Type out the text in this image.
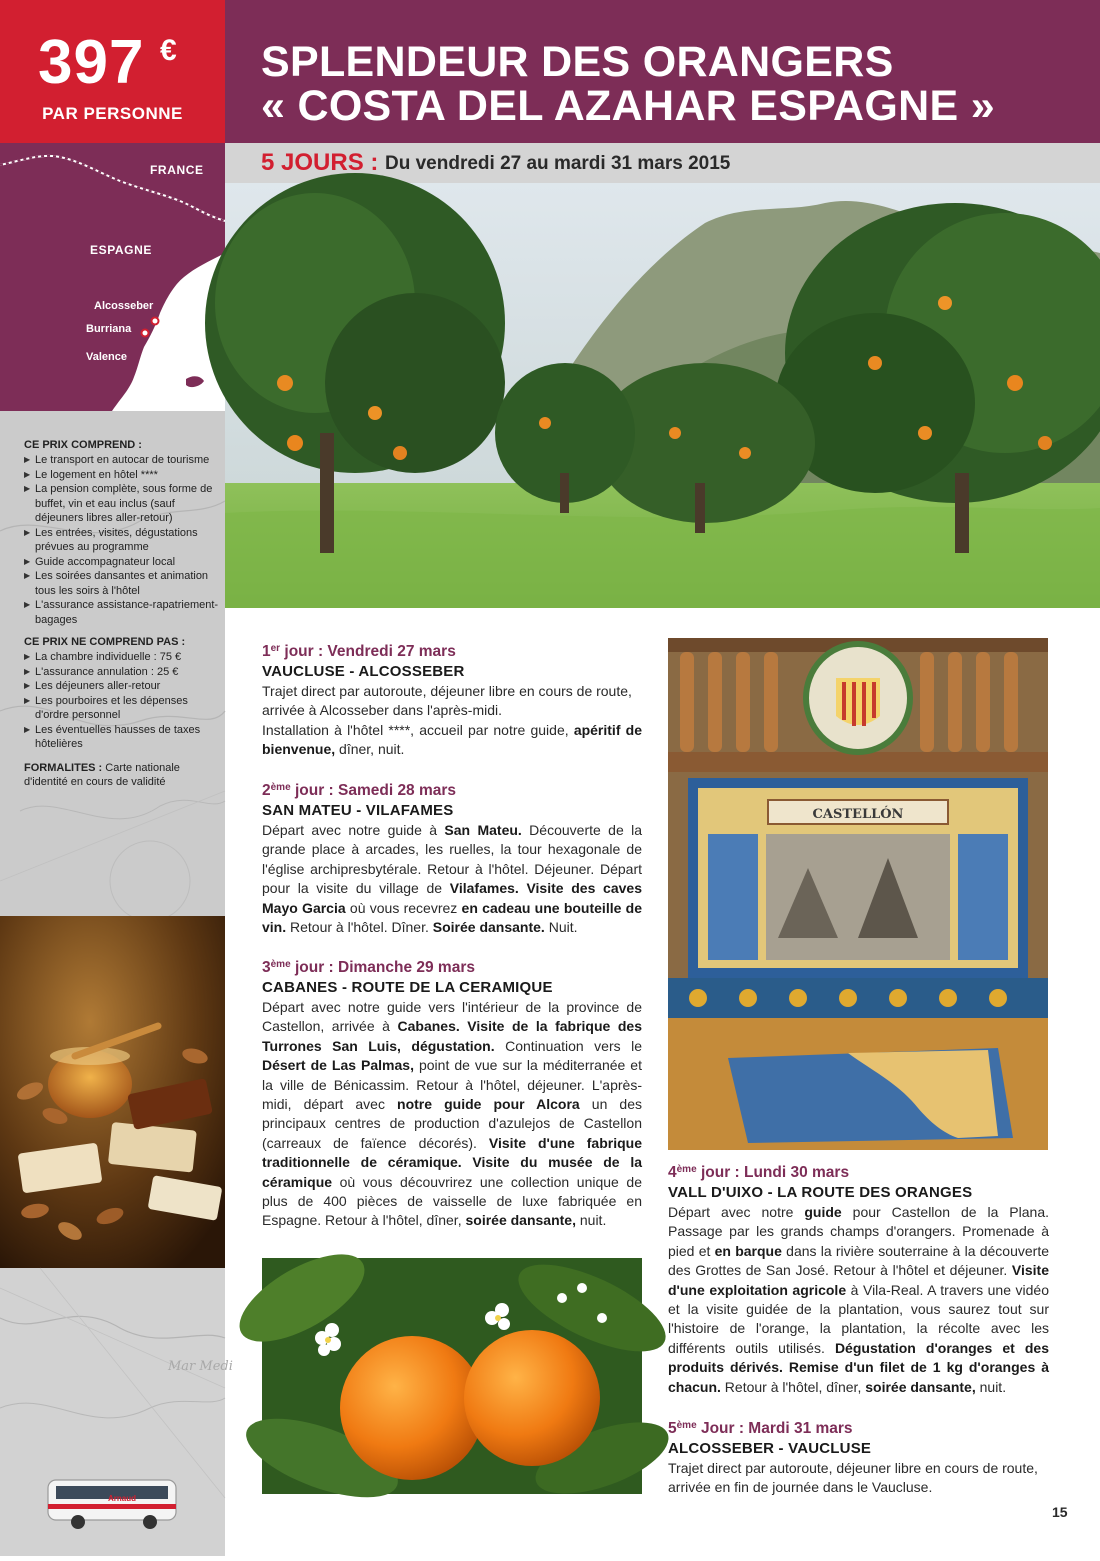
397 €
PAR PERSONNE
FRANCE
ESPAGNE
Alcosseber
Burriana
Valence
CE PRIX COMPREND :
▶ Le transport en autocar de tourisme
▶ Le logement en hôtel ****
▶ La pension complète, sous forme de buffet, vin et eau inclus (sauf déjeuners libres aller-retour)
▶ Les entrées, visites, dégustations prévues au programme
▶ Guide accompagnateur local
▶ Les soirées dansantes et animation tous les soirs à l'hôtel
▶ L'assurance assistance-rapatriement-bagages
CE PRIX NE COMPREND PAS :
▶ La chambre individuelle : 75 €
▶ L'assurance annulation : 25 €
▶ Les déjeuners aller-retour
▶ Les pourboires et les dépenses d'ordre personnel
▶ Les éventuelles hausses de taxes hôtelières
FORMALITES : Carte nationale d'identité en cours de validité
Mar Medi
Arnaud
SPLENDEUR DES ORANGERS
« COSTA DEL AZAHAR ESPAGNE »
5 JOURS : Du vendredi 27 au mardi 31 mars 2015
1er jour : Vendredi 27 mars
VAUCLUSE - ALCOSSEBER

Trajet direct par autoroute, déjeuner libre en cours de route, arrivée à Alcosseber dans l'après-midi.

Installation à l'hôtel ****, accueil par notre guide, apéritif de bienvenue, dîner, nuit.

2ème jour : Samedi 28 mars
SAN MATEU - VILAFAMES

Départ avec notre guide à San Mateu. Découverte de la grande place à arcades, les ruelles, la tour hexagonale de l'église archipresbytérale. Retour à l'hôtel. Déjeuner. Départ pour la visite du village de Vilafames. Visite des caves Mayo Garcia où vous recevrez en cadeau une bouteille de vin. Retour à l'hôtel. Dîner. Soirée dansante. Nuit.

3ème jour : Dimanche 29 mars
CABANES - ROUTE DE LA CERAMIQUE

Départ avec notre guide vers l'intérieur de la province de Castellon, arrivée à Cabanes. Visite de la fabrique des Turrones San Luis, dégustation. Continuation vers le Désert de Las Palmas, point de vue sur la méditerranée et la ville de Bénicassim. Retour à l'hôtel, déjeuner. L'après-midi, départ avec notre guide pour Alcora un des principaux centres de production d'azulejos de Castellon (carreaux de faïence décorés). Visite d'une fabrique traditionnelle de céramique. Visite du musée de la céramique où vous découvrirez une collection unique de plus de 400 pièces de vaisselle de luxe fabriquée en Espagne. Retour à l'hôtel, dîner, soirée dansante, nuit.

CASTELLÓN
4ème jour : Lundi 30 mars
VALL D'UIXO - LA ROUTE DES ORANGES

Départ avec notre guide pour Castellon de la Plana. Passage par les grands champs d'orangers. Promenade à pied et en barque dans la rivière souterraine à la découverte des Grottes de San José. Retour à l'hôtel et déjeuner. Visite d'une exploitation agricole à Vila-Real. A travers une vidéo et la visite guidée de la plantation, vous saurez tout sur l'histoire de l'orange, la plantation, la récolte avec les différents outils utilisés. Dégustation d'oranges et des produits dérivés. Remise d'un filet de 1 kg d'oranges à chacun. Retour à l'hôtel, dîner, soirée dansante, nuit.

5ème Jour : Mardi 31 mars
ALCOSSEBER - VAUCLUSE

Trajet direct par autoroute, déjeuner libre en cours de route, arrivée en fin de journée dans le Vaucluse.

15
